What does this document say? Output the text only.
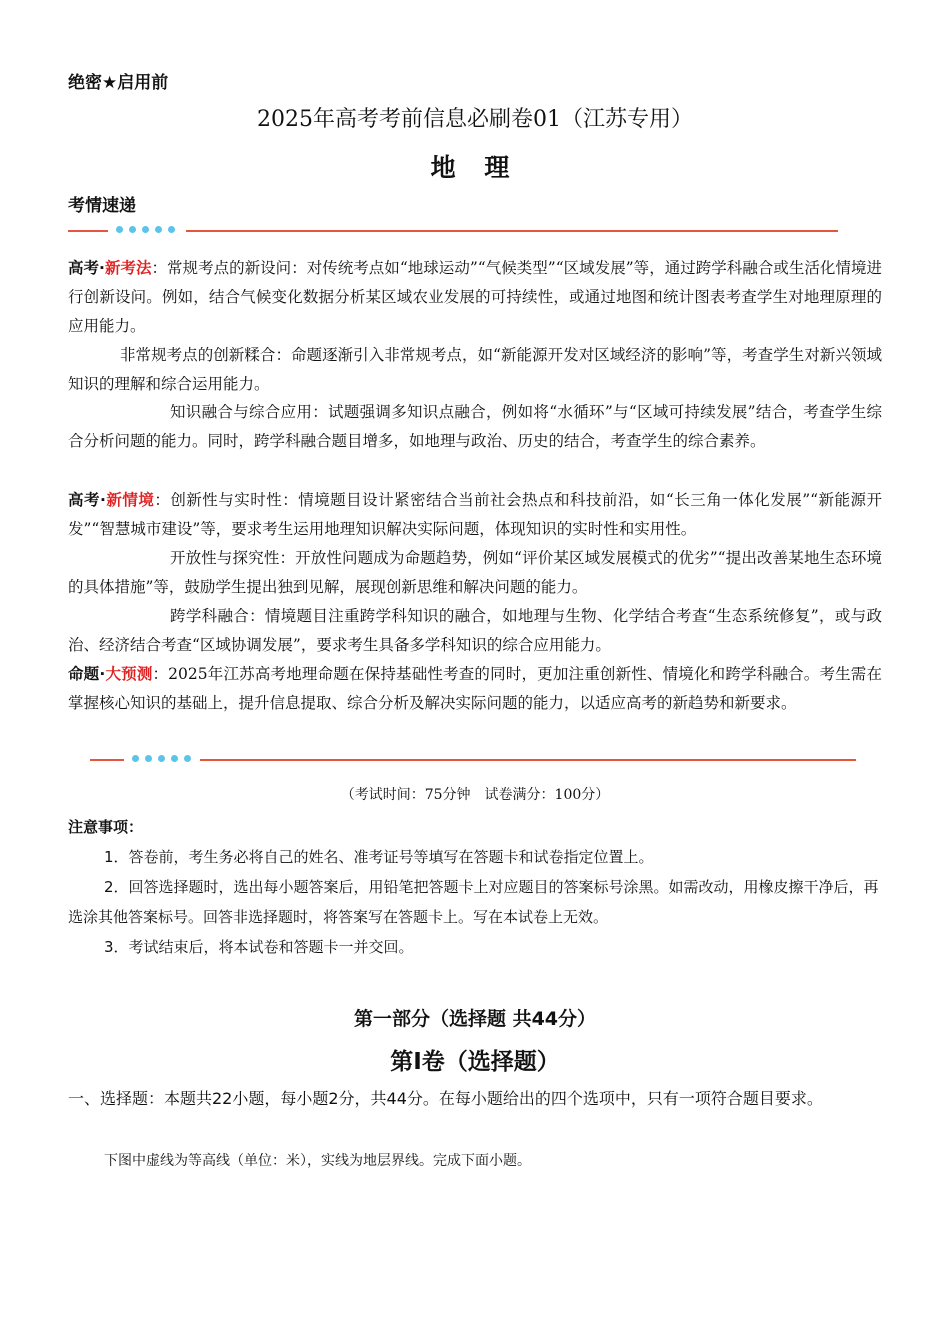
绝密★启用前
2025年高考考前信息必刷卷01（江苏专用）
地 理
考情速递
高考·新考法：常规考点的新设问：对传统考点如“地球运动”“气候类型”“区域发展”等，通过跨学科融合或生活化情境进行创新设问。例如，结合气候变化数据分析某区域农业发展的可持续性，或通过地图和统计图表考查学生对地理原理的应用能力。
非常规考点的创新糅合：命题逐渐引入非常规考点，如“新能源开发对区域经济的影响”等，考查学生对新兴领域知识的理解和综合运用能力。
知识融合与综合应用：试题强调多知识点融合，例如将“水循环”与“区域可持续发展”结合，考查学生综合分析问题的能力。同时，跨学科融合题目增多，如地理与政治、历史的结合，考查学生的综合素养。
高考·新情境：创新性与实时性：情境题目设计紧密结合当前社会热点和科技前沿，如“长三角一体化发展”“新能源开发”“智慧城市建设”等，要求考生运用地理知识解决实际问题，体现知识的实时性和实用性。
开放性与探究性：开放性问题成为命题趋势，例如“评价某区域发展模式的优劣”“提出改善某地生态环境的具体措施”等，鼓励学生提出独到见解，展现创新思维和解决问题的能力。
跨学科融合：情境题目注重跨学科知识的融合，如地理与生物、化学结合考查“生态系统修复”，或与政治、经济结合考查“区域协调发展”，要求考生具备多学科知识的综合应用能力。
命题·大预测：2025年江苏高考地理命题在保持基础性考查的同时，更加注重创新性、情境化和跨学科融合。考生需在掌握核心知识的基础上，提升信息提取、综合分析及解决实际问题的能力，以适应高考的新趋势和新要求。
（考试时间：75分钟　试卷满分：100分）
注意事项：
1．答卷前，考生务必将自己的姓名、准考证号等填写在答题卡和试卷指定位置上。
2．回答选择题时，选出每小题答案后，用铅笔把答题卡上对应题目的答案标号涂黑。如需改动，用橡皮擦干净后，再选涂其他答案标号。回答非选择题时，将答案写在答题卡上。写在本试卷上无效。
3．考试结束后，将本试卷和答题卡一并交回。
第一部分（选择题 共44分）
第Ⅰ卷（选择题）
一、选择题：本题共22小题，每小题2分，共44分。在每小题给出的四个选项中，只有一项符合题目要求。
下图中虚线为等高线（单位：米），实线为地层界线。完成下面小题。
